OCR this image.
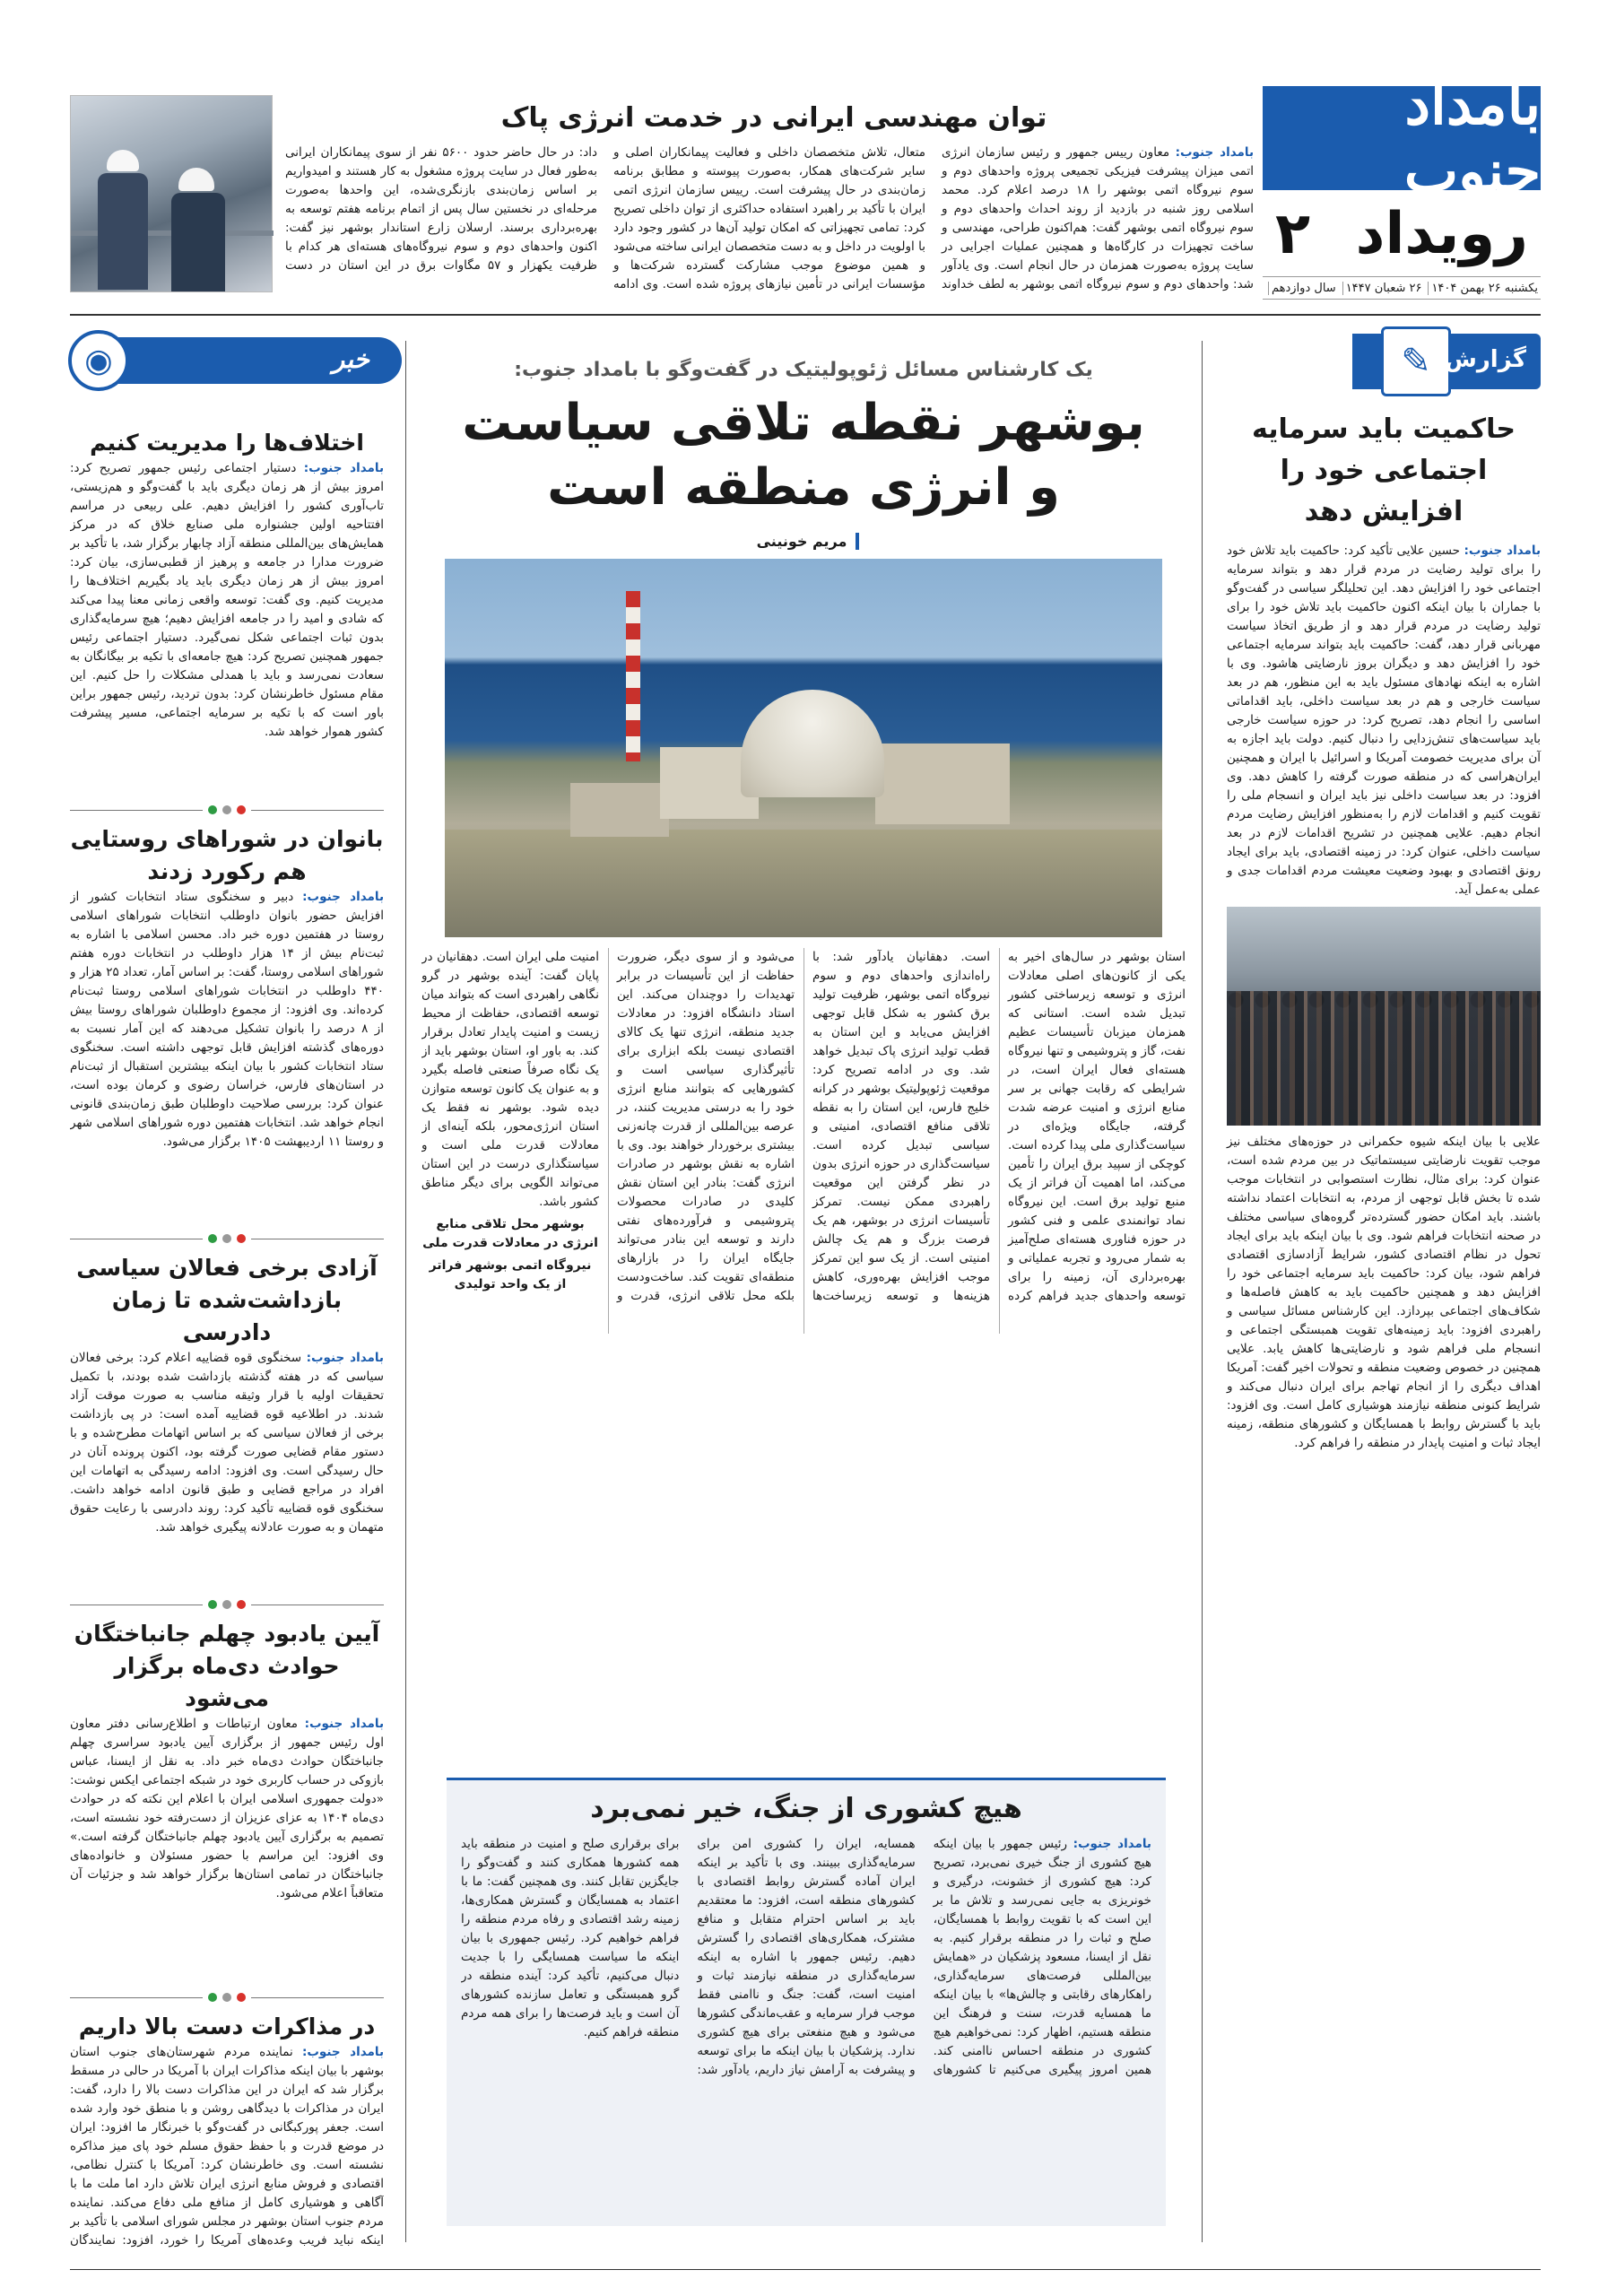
بامداد جنوب
رویداد
۲
یکشنبه ۲۶ بهمن ۱۴۰۴
۲۶ شعبان ۱۴۴۷
سال دوازدهم
توان مهندسی ایرانی در خدمت انرژی پاک
بامداد جنوب: معاون رییس جمهور و رئیس سازمان انرژی اتمی میزان پیشرفت فیزیکی تجمیعی پروژه واحدهای دوم و سوم نیروگاه اتمی بوشهر را ۱۸ درصد اعلام کرد. محمد اسلامی روز شنبه در بازدید از روند احداث واحدهای دوم و سوم نیروگاه اتمی بوشهر گفت: هم‌اکنون طراحی، مهندسی و ساخت تجهیزات در کارگاه‌ها و همچنین عملیات اجرایی در سایت پروژه به‌صورت همزمان در حال انجام است. وی یادآور شد: واحدهای دوم و سوم نیروگاه اتمی بوشهر به لطف خداوند متعال، تلاش متخصصان داخلی و فعالیت پیمانکاران اصلی و سایر شرکت‌های همکار، به‌صورت پیوسته و مطابق برنامه زمان‌بندی در حال پیشرفت است. رییس سازمان انرژی اتمی ایران با تأکید بر راهبرد استفاده حداکثری از توان داخلی تصریح کرد: تمامی تجهیزاتی که امکان تولید آن‌ها در کشور وجود دارد با اولویت در داخل و به دست متخصصان ایرانی ساخته می‌شود و همین موضوع موجب مشارکت گسترده شرکت‌ها و مؤسسات ایرانی در تأمین نیازهای پروژه شده است. وی ادامه داد: در حال حاضر حدود ۵۶۰۰ نفر از سوی پیمانکاران ایرانی به‌طور فعال در سایت پروژه مشغول به کار هستند و امیدواریم بر اساس زمان‌بندی بازنگری‌شده، این واحدها به‌صورت مرحله‌ای در نخستین سال پس از اتمام برنامه هفتم توسعه به بهره‌برداری برسند. ارسلان زارع استاندار بوشهر نیز گفت: اکنون واحدهای دوم و سوم نیروگاه‌های هسته‌ای هر کدام با ظرفیت یکهزار و ۵۷ مگاوات برق در این استان در دست
✎ گزارش
◉	خبر
حاکمیت باید سرمایه اجتماعی خود را افزایش دهد
بامداد جنوب: حسین علایی تأکید کرد: حاکمیت باید تلاش خود را برای تولید رضایت در مردم قرار دهد و بتواند سرمایه اجتماعی خود را افزایش دهد. این تحلیلگر سیاسی در گفت‌وگو با جماران با بیان اینکه اکنون حاکمیت باید تلاش خود را برای تولید رضایت در مردم قرار دهد و از طریق اتخاذ سیاست مهربانی قرار دهد، گفت: حاکمیت باید بتواند سرمایه اجتماعی خود را افزایش دهد و دیگران بروز نارضایتی هاشود. وی با اشاره به اینکه نهادهای مسئول باید به این منظور، هم در بعد سیاست خارجی و هم در بعد سیاست داخلی، باید اقداماتی اساسی را انجام دهد، تصریح کرد: در حوزه سیاست خارجی باید سیاست‌های تنش‌زدایی را دنبال کنیم. دولت باید اجازه به آن برای مدیریت خصومت آمریکا و اسرائیل با ایران و همچنین ایران‌هراسی که در منطقه صورت گرفته را کاهش دهد. وی افزود: در بعد سیاست داخلی نیز باید ایران و انسجام ملی را تقویت کنیم و اقدامات لازم را به‌منظور افزایش رضایت مردم انجام دهیم. علایی همچنین در تشریح اقدامات لازم در بعد سیاست داخلی، عنوان کرد: در زمینه اقتصادی، باید برای ایجاد رونق اقتصادی و بهبود وضعیت معیشت مردم اقدامات جدی و عملی به‌عمل آید.
علایی با بیان اینکه شیوه حکمرانی در حوزه‌های مختلف نیز موجب تقویت نارضایتی سیستماتیک در بین مردم شده است، عنوان کرد: برای مثال، نظارت استصوابی در انتخابات موجب شده تا بخش قابل توجهی از مردم، به انتخابات اعتماد نداشته باشند. باید امکان حضور گسترده‌تر گروه‌های سیاسی مختلف در صحنه انتخابات فراهم شود. وی با بیان اینکه باید برای ایجاد تحول در نظام اقتصادی کشور، شرایط آزادسازی اقتصادی فراهم شود، بیان کرد: حاکمیت باید سرمایه اجتماعی خود را افزایش دهد و همچنین حاکمیت باید به کاهش فاصله‌ها و شکاف‌های اجتماعی بپردازد. این کارشناس مسائل سیاسی و راهبردی افزود: باید زمینه‌های تقویت همبستگی اجتماعی و انسجام ملی فراهم شود و نارضایتی‌ها کاهش یابد. علایی همچنین در خصوص وضعیت منطقه و تحولات اخیر گفت: آمریکا اهداف دیگری را از انجام تهاجم برای ایران دنبال می‌کند و شرایط کنونی منطقه نیازمند هوشیاری کامل است. وی افزود: باید با گسترش روابط با همسایگان و کشورهای منطقه، زمینه ایجاد ثبات و امنیت پایدار در منطقه را فراهم کرد.
اختلاف‌ها را مدیریت کنیم
بامداد جنوب: دستیار اجتماعی رئیس جمهور تصریح کرد: امروز بیش از هر زمان دیگری باید با گفت‌وگو و هم‌زیستی، تاب‌آوری کشور را افزایش دهیم. علی ربیعی در مراسم افتتاحیه اولین جشنواره ملی صنایع خلاق که در مرکز همایش‌های بین‌المللی منطقه آزاد چابهار برگزار شد، با تأکید بر ضرورت مدارا در جامعه و پرهیز از قطبی‌سازی، بیان کرد: امروز بیش از هر زمان دیگری باید یاد بگیریم اختلاف‌ها را مدیریت کنیم. وی گفت: توسعه واقعی زمانی معنا پیدا می‌کند که شادی و امید را در جامعه افزایش دهیم؛ هیچ سرمایه‌گذاری بدون ثبات اجتماعی شکل نمی‌گیرد. دستیار اجتماعی رئیس جمهور همچنین تصریح کرد: هیچ جامعه‌ای با تکیه بر بیگانگان به سعادت نمی‌رسد و باید با همدلی مشکلات را حل کنیم. این مقام مسئول خاطرنشان کرد: بدون تردید، رئیس جمهور براین باور است که با تکیه بر سرمایه اجتماعی، مسیر پیشرفت کشور هموار خواهد شد.
بانوان در شوراهای روستایی هم رکورد زدند
بامداد جنوب: دبیر و سخنگوی ستاد انتخابات کشور از افزایش حضور بانوان داوطلب انتخابات شوراهای اسلامی روستا در هفتمین دوره خبر داد. محسن اسلامی با اشاره به ثبت‌نام بیش از ۱۴ هزار داوطلب در انتخابات دوره هفتم شوراهای اسلامی روستا، گفت: بر اساس آمار، تعداد ۲۵ هزار و ۴۴۰ داوطلب در انتخابات شوراهای اسلامی روستا ثبت‌نام کرده‌اند. وی افزود: از مجموع داوطلبان شوراهای روستا بیش از ۸ درصد را بانوان تشکیل می‌دهند که این آمار نسبت به دوره‌های گذشته افزایش قابل توجهی داشته است. سخنگوی ستاد انتخابات کشور با بیان اینکه بیشترین استقبال از ثبت‌نام در استان‌های فارس، خراسان رضوی و کرمان بوده است، عنوان کرد: بررسی صلاحیت داوطلبان طبق زمان‌بندی قانونی انجام خواهد شد. انتخابات هفتمین دوره شوراهای اسلامی شهر و روستا ۱۱ اردیبهشت ۱۴۰۵ برگزار می‌شود.
آزادی برخی فعالان سیاسی بازداشت‌شده تا زمان دادرسی
بامداد جنوب: سخنگوی قوه قضاییه اعلام کرد: برخی فعالان سیاسی که در هفته گذشته بازداشت شده بودند، با تکمیل تحقیقات اولیه با قرار وثیقه مناسب به صورت موقت آزاد شدند. در اطلاعیه قوه قضاییه آمده است: در پی بازداشت برخی از فعالان سیاسی که بر اساس اتهامات مطرح‌شده و با دستور مقام قضایی صورت گرفته بود، اکنون پرونده آنان در حال رسیدگی است. وی افزود: ادامه رسیدگی به اتهامات این افراد در مراجع قضایی و طبق قانون ادامه خواهد داشت. سخنگوی قوه قضاییه تأکید کرد: روند دادرسی با رعایت حقوق متهمان و به صورت عادلانه پیگیری خواهد شد.
آیین یادبود چهلم جانباختگان حوادث دی‌ماه برگزار می‌شود
بامداد جنوب: معاون ارتباطات و اطلاع‌رسانی دفتر معاون اول رئیس جمهور از برگزاری آیین یادبود سراسری چهلم جانباختگان حوادث دی‌ماه خبر داد. به نقل از ایسنا، عباس بازوکی در حساب کاربری خود در شبکه اجتماعی ایکس نوشت: «دولت جمهوری اسلامی ایران با اعلام این نکته که در حوادث دی‌ماه ۱۴۰۴ به عزای عزیزان از دست‌رفته خود نشسته است، تصمیم به برگزاری آیین یادبود چهلم جانباختگان گرفته است.» وی افزود: این مراسم با حضور مسئولان و خانواده‌های جانباختگان در تمامی استان‌ها برگزار خواهد شد و جزئیات آن متعاقباً اعلام می‌شود.
در مذاکرات دست بالا داریم
بامداد جنوب: نماینده مردم شهرستان‌های جنوب استان بوشهر با بیان اینکه مذاکرات ایران با آمریکا در حالی در مسقط برگزار شد که ایران در این مذاکرات دست بالا را دارد، گفت: ایران در مذاکرات با دیدگاهی روشن و با منطق خود وارد شده است. جعفر پورکبگانی در گفت‌وگو با خبرنگار ما افزود: ایران در موضع قدرت و با حفظ حقوق مسلم خود پای میز مذاکره نشسته است. وی خاطرنشان کرد: آمریکا با کنترل نظامی، اقتصادی و فروش منابع انرژی ایران تلاش دارد اما ملت ما با آگاهی و هوشیاری کامل از منافع ملی دفاع می‌کند. نماینده مردم جنوب استان بوشهر در مجلس شورای اسلامی با تأکید بر اینکه نباید فریب وعده‌های آمریکا را خورد، افزود: نمایندگان
یک کارشناس مسائل ژئوپولیتیک در گفت‌وگو با بامداد جنوب:
بوشهر نقطه تلاقی سیاست
و انرژی منطقه است
مریم خونینی
استان بوشهر در سال‌های اخیر به یکی از کانون‌های اصلی معادلات انرژی و توسعه زیرساختی کشور تبدیل شده است. استانی که همزمان میزبان تأسیسات عظیم نفت، گاز و پتروشیمی و تنها نیروگاه هسته‌ای فعال ایران است، در شرایطی که رقابت جهانی بر سر منابع انرژی و امنیت عرضه شدت گرفته، جایگاه ویژه‌ای در سیاست‌گذاری ملی پیدا کرده است. کوچکی از سپید برق ایران را تأمین می‌کند، اما اهمیت آن فراتر از یک منبع تولید برق است. این نیروگاه نماد توانمندی علمی و فنی کشور در حوزه فناوری هسته‌ای صلح‌آمیز به شمار می‌رود و تجربه عملیاتی و بهره‌برداری آن، زمینه را برای توسعه واحدهای جدید فراهم کرده است. دهقانیان یادآور شد: با راه‌اندازی واحدهای دوم و سوم نیروگاه اتمی بوشهر، ظرفیت تولید برق کشور به شکل قابل توجهی افزایش می‌یابد و این استان به قطب تولید انرژی پاک تبدیل خواهد شد. وی در ادامه تصریح کرد: موقعیت ژئوپولیتیک بوشهر در کرانه خلیج فارس، این استان را به نقطه تلاقی منافع اقتصادی، امنیتی و سیاسی تبدیل کرده است. سیاست‌گذاری در حوزه انرژی بدون در نظر گرفتن این موقعیت راهبردی ممکن نیست. تمرکز تأسیسات انرژی در بوشهر، هم یک فرصت بزرگ و هم یک چالش امنیتی است. از یک سو این تمرکز موجب افزایش بهره‌وری، کاهش هزینه‌ها و توسعه زیرساخت‌ها می‌شود و از سوی دیگر، ضرورت حفاظت از این تأسیسات در برابر تهدیدات را دوچندان می‌کند. این استاد دانشگاه افزود: در معادلات جدید منطقه، انرژی تنها یک کالای اقتصادی نیست بلکه ابزاری برای تأثیرگذاری سیاسی است و کشورهایی که بتوانند منابع انرژی خود را به درستی مدیریت کنند، در عرصه بین‌المللی از قدرت چانه‌زنی بیشتری برخوردار خواهند بود. وی با اشاره به نقش بوشهر در صادرات انرژی گفت: بنادر این استان نقش کلیدی در صادرات محصولات پتروشیمی و فرآورده‌های نفتی دارند و توسعه این بنادر می‌تواند جایگاه ایران را در بازارهای منطقه‌ای تقویت کند. ساخت‌ودست بلکه محل تلاقی انرژی، قدرت و امنیت ملی ایران است. دهقانیان در پایان گفت: آینده بوشهر در گرو نگاهی راهبردی است که بتواند میان توسعه اقتصادی، حفاظت از محیط زیست و امنیت پایدار تعادل برقرار کند. به باور او، استان بوشهر باید از یک نگاه صرفاً صنعتی فاصله بگیرد و به عنوان یک کانون توسعه متوازن دیده شود. بوشهر نه فقط یک استان انرژی‌محور، بلکه آینه‌ای از معادلات قدرت ملی است و سیاستگذاری درست در این استان می‌تواند الگویی برای دیگر مناطق کشور باشد.
بوشهر محل تلاقی منابع انرژی در معادلات قدرت ملی
نیروگاه اتمی بوشهر فراتر از یک واحد تولیدی
هیچ کشوری از جنگ، خیر نمی‌برد
بامداد جنوب: رئیس جمهور با بیان اینکه هیچ کشوری از جنگ خیری نمی‌برد، تصریح کرد: هیچ کشوری از خشونت، درگیری و خونریزی به جایی نمی‌رسد و تلاش ما بر این است که با تقویت روابط با همسایگان، صلح و ثبات را در منطقه برقرار کنیم. به نقل از ایسنا، مسعود پزشکیان در «همایش بین‌المللی فرصت‌های سرمایه‌گذاری، راهکارهای رقابتی و چالش‌ها» با بیان اینکه ما همسایه قدرت، سنت و فرهنگ این منطقه هستیم، اظهار کرد: نمی‌خواهیم هیچ کشوری در منطقه احساس ناامنی کند. همین امروز پیگیری می‌کنیم تا کشورهای همسایه، ایران را کشوری امن برای سرمایه‌گذاری ببینند. وی با تأکید بر اینکه ایران آماده گسترش روابط اقتصادی با کشورهای منطقه است، افزود: ما معتقدیم باید بر اساس احترام متقابل و منافع مشترک، همکاری‌های اقتصادی را گسترش دهیم. رئیس جمهور با اشاره به اینکه سرمایه‌گذاری در منطقه نیازمند ثبات و امنیت است، گفت: جنگ و ناامنی فقط موجب فرار سرمایه و عقب‌ماندگی کشورها می‌شود و هیچ منفعتی برای هیچ کشوری ندارد. پزشکیان با بیان اینکه ما برای توسعه و پیشرفت به آرامش نیاز داریم، یادآور شد: برای برقراری صلح و امنیت در منطقه باید همه کشورها همکاری کنند و گفت‌وگو را جایگزین تقابل کنند. وی همچنین گفت: ما با اعتماد به همسایگان و گسترش همکاری‌ها، زمینه رشد اقتصادی و رفاه مردم منطقه را فراهم خواهیم کرد. رئیس جمهوری با بیان اینکه ما سیاست همسایگی را با جدیت دنبال می‌کنیم، تأکید کرد: آینده منطقه در گرو همبستگی و تعامل سازنده کشورهای آن است و باید فرصت‌ها را برای همه مردم منطقه فراهم کنیم.
